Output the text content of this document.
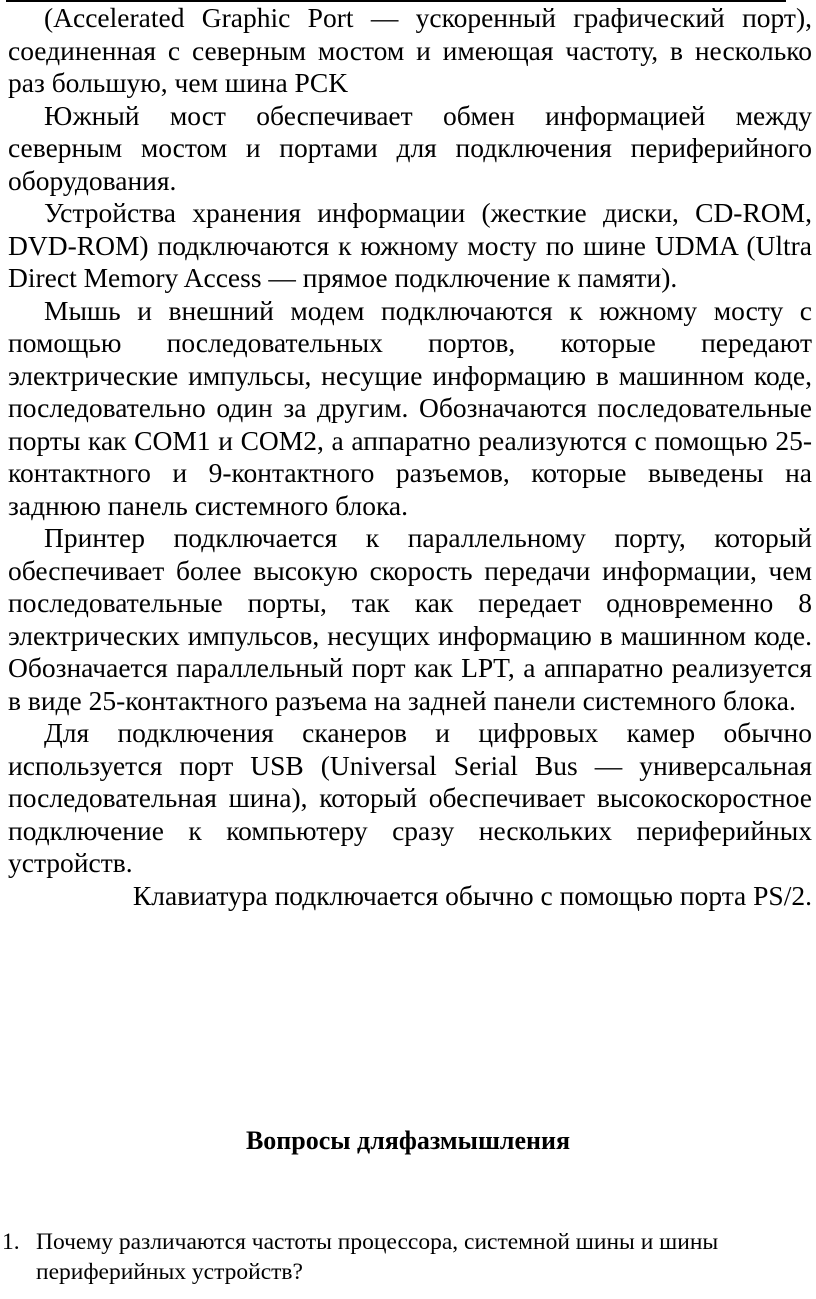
(Accelerated Graphic Port — ускоренный графический порт), соединенная с северным мостом и имеющая частоту, в несколько раз большую, чем шина PCK

Южный мост обеспечивает обмен информацией между северным мостом и портами для подключения периферийного оборудования.

Устройства хранения информации (жесткие диски, CD-ROM, DVD-ROM) подключаются к южному мосту по шине UDMA (Ultra Direct Memory Access — прямое подключение к памяти).

Мышь и внешний модем подключаются к южному мосту с помощью последовательных портов, которые передают электрические импульсы, несущие информацию в машинном коде, последовательно один за другим. Обозначаются последовательные порты как COM1 и COM2, а аппаратно реализуются с помощью 25-контактного и 9-контактного разъемов, которые выведены на заднюю панель системного блока.

Принтер подключается к параллельному порту, который обеспечивает более высокую скорость передачи информации, чем последовательные порты, так как передает одновременно 8 электрических импульсов, несущих информацию в машинном коде. Обозначается параллельный порт как LPT, а аппаратно реализуется в виде 25-контактного разъема на задней панели системного блока.

Для подключения сканеров и цифровых камер обычно используется порт USB (Universal Serial Bus — универсальная последовательная шина), который обеспечивает высокоскоростное подключение к компьютеру сразу нескольких периферийных устройств.

Клавиатура подключается обычно с помощью порта PS/2.

Вопросы дляфазмышления
1. Почему различаются частоты процессора, системной шины и шины периферийных устройств?
